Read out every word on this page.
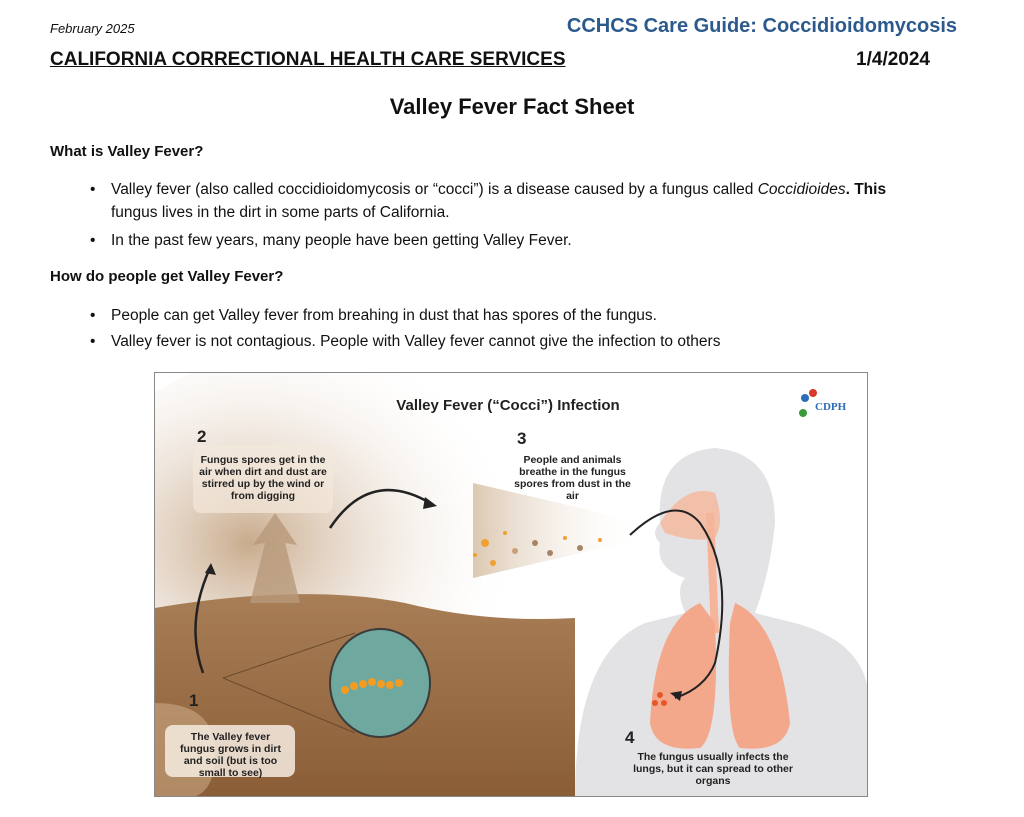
February 2025	CCHCS Care Guide: Coccidioidomycosis
CALIFORNIA CORRECTIONAL HEALTH CARE SERVICES	1/4/2024
Valley Fever Fact Sheet
What is Valley Fever?
• Valley fever (also called coccidioidomycosis or “cocci”) is a disease caused by a fungus called Coccidioides. This
fungus lives in the dirt in some parts of California.
• In the past few years, many people have been getting Valley Fever.
How do people get Valley Fever?
• People can get Valley fever from breahing in dust that has spores of the fungus.
• Valley fever is not contagious. People with Valley fever cannot give the infection to others
Valley Fever (“Cocci”) Infection	CDPH
1
The Valley fever fungus grows in dirt and soil (but is too small to see)
2
Fungus spores get in the air when dirt and dust are stirred up by the wind or from digging
3
People and animals breathe in the fungus spores from dust in the air
4
The fungus usually infects the lungs, but it can spread to other organs
